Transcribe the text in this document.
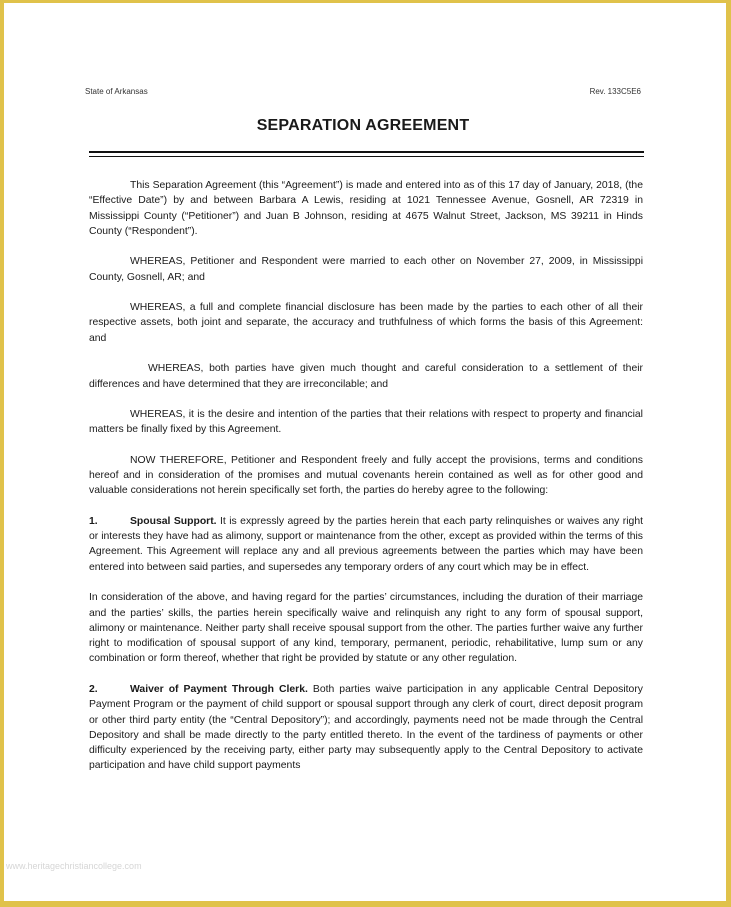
State of Arkansas	Rev. 133C5E6
SEPARATION AGREEMENT

This Separation Agreement (this “Agreement”) is made and entered into as of this 17 day of January, 2018, (the “Effective Date”) by and between Barbara A Lewis, residing at 1021 Tennessee Avenue, Gosnell, AR 72319 in Mississippi County (“Petitioner”) and Juan B Johnson, residing at 4675 Walnut Street, Jackson, MS 39211 in Hinds County (“Respondent”).

WHEREAS, Petitioner and Respondent were married to each other on November 27, 2009, in Mississippi County, Gosnell, AR; and

WHEREAS, a full and complete financial disclosure has been made by the parties to each other of all their respective assets, both joint and separate, the accuracy and truthfulness of which forms the basis of this Agreement: and

WHEREAS, both parties have given much thought and careful consideration to a settlement of their differences and have determined that they are irreconcilable; and

WHEREAS, it is the desire and intention of the parties that their relations with respect to property and financial matters be finally fixed by this Agreement.

NOW THEREFORE, Petitioner and Respondent freely and fully accept the provisions, terms and conditions hereof and in consideration of the promises and mutual covenants herein contained as well as for other good and valuable considerations not herein specifically set forth, the parties do hereby agree to the following:

1.	Spousal Support. It is expressly agreed by the parties herein that each party relinquishes or waives any right or interests they have had as alimony, support or maintenance from the other, except as provided within the terms of this Agreement. This Agreement will replace any and all previous agreements between the parties which may have been entered into between said parties, and supersedes any temporary orders of any court which may be in effect.

In consideration of the above, and having regard for the parties’ circumstances, including the duration of their marriage and the parties’ skills, the parties herein specifically waive and relinquish any right to any form of spousal support, alimony or maintenance. Neither party shall receive spousal support from the other. The parties further waive any further right to modification of spousal support of any kind, temporary, permanent, periodic, rehabilitative, lump sum or any combination or form thereof, whether that right be provided by statute or any other regulation.

2.	Waiver of Payment Through Clerk. Both parties waive participation in any applicable Central Depository Payment Program or the payment of child support or spousal support through any clerk of court, direct deposit program or other third party entity (the “Central Depository”); and accordingly, payments need not be made through the Central Depository and shall be made directly to the party entitled thereto. In the event of the tardiness of payments or other difficulty experienced by the receiving party, either party may subsequently apply to the Central Depository to activate participation and have child support payments

www.heritagechristiancollege.com
